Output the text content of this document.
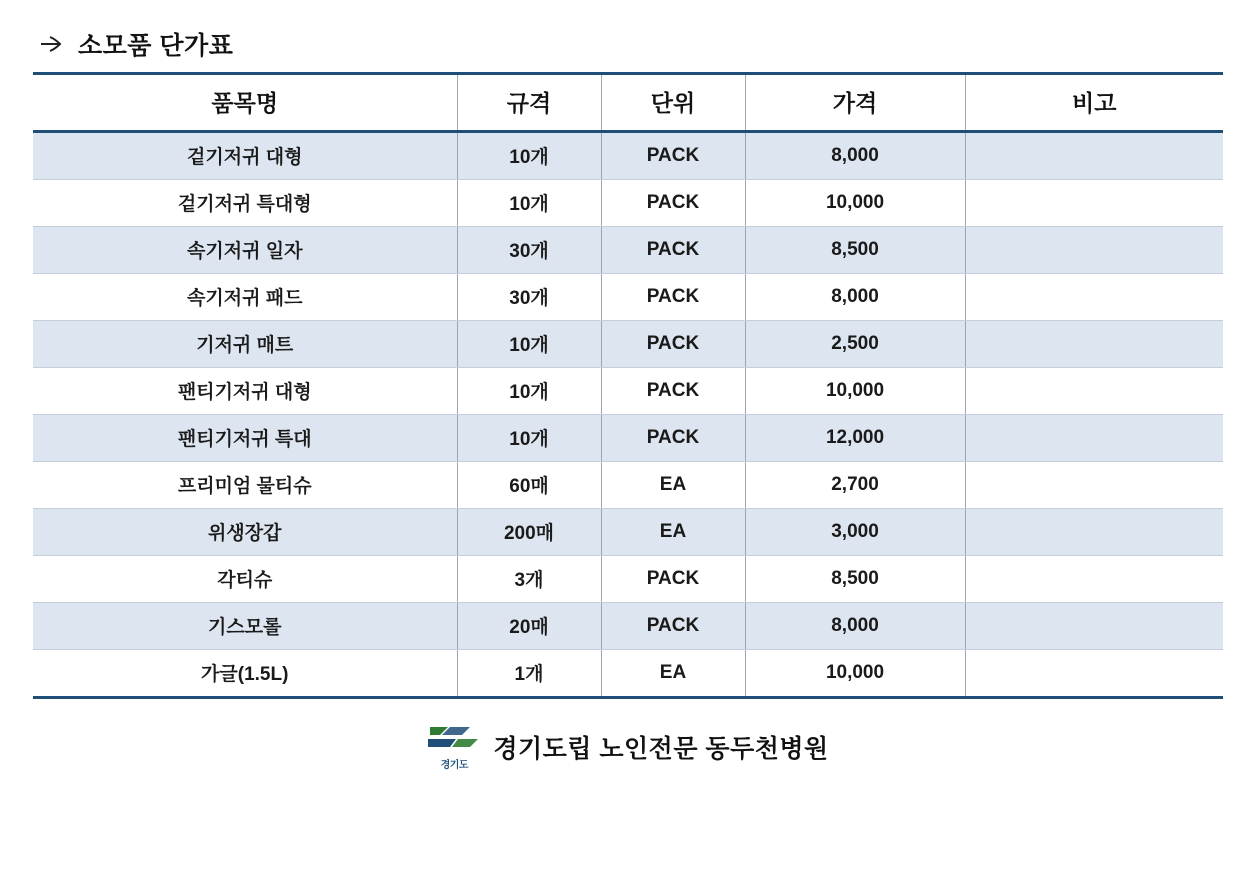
소모품 단가표
품목명	규격	단위	가격	비고
겉기저귀 대형	10개	PACK	8,000	
겉기저귀 특대형	10개	PACK	10,000	
속기저귀 일자	30개	PACK	8,500	
속기저귀 패드	30개	PACK	8,000	
기저귀 매트	10개	PACK	2,500	
팬티기저귀 대형	10개	PACK	10,000	
팬티기저귀 특대	10개	PACK	12,000	
프리미엄 물티슈	60매	EA	2,700	
위생장갑	200매	EA	3,000	
각티슈	3개	PACK	8,500	
기스모롤	20매	PACK	8,000	
가글(1.5L)	1개	EA	10,000	
경기도
경기도립 노인전문 동두천병원
